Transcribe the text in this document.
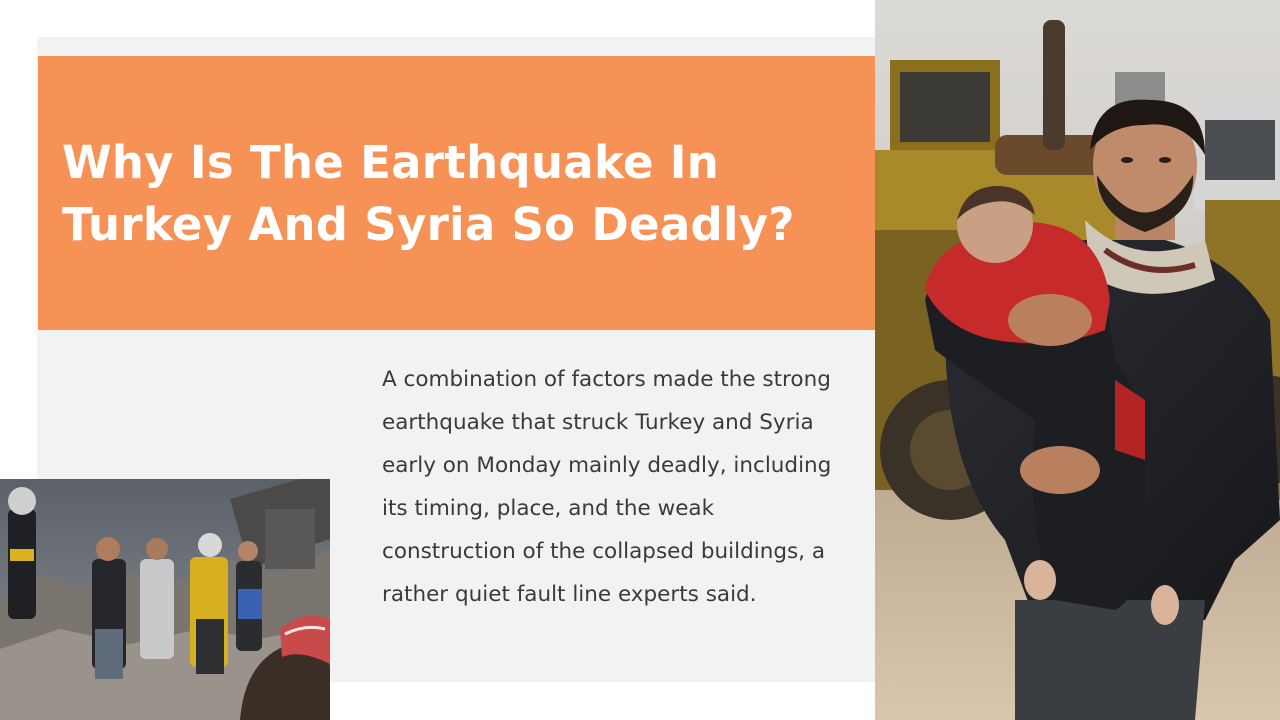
Why Is The Earthquake In Turkey And Syria So Deadly?

A combination of factors made the strong earthquake that struck Turkey and Syria early on Monday mainly deadly, including its timing, place, and the weak construction of the collapsed buildings, a rather quiet fault line experts said.
